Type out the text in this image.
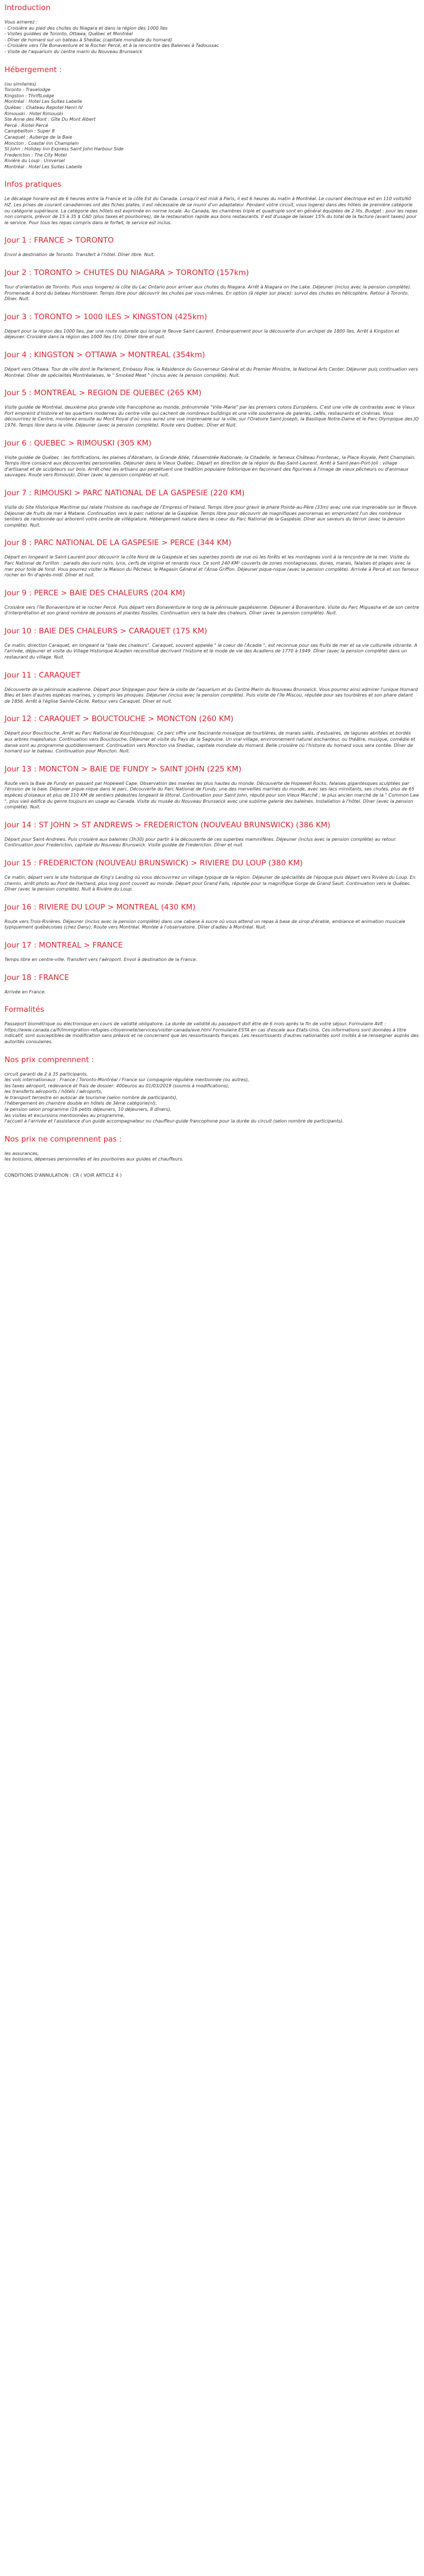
Introduction
Vous aimerez :
- Croisière au pied des chutes du Niagara et dans la région des 1000 îles
- Visites guidées de Toronto, Ottawa, Québec et Montréal
- Dîner de homard sur un bateau à Shediac (capitale mondiale du homard)
- Croisière vers l'île Bonaventure et le Rocher Percé, et à la rencontre des Baleines à Tadoussac
- Visite de l'aquarium du centre marin du Nouveau Brunswick
Hébergement :
(ou similaires)
Toronto : Travelodge
Kingston : ThriftLodge
Montréal : Hotel Les Suites Labelle
Québec : Chateau Repotel Henri IV
Rimouski : Hotel Rimouski
Ste Anne des Mont : Gîte Du Mont Albert
Percé : Riotel Percé
Campbellton : Super 8
Caraquet : Auberge de la Baie
Moncton : Coastal Inn Champlain
St John : Holiday Inn Express Saint John Harbour Side
Fredericton : The City Motel
Rivière du Loup : Universel
Montréal : Hotel Les Suites Labelle
Infos pratiques

Le décalage horaire est de 6 heures entre la France et la côte Est du Canada. Lorsqu'il est midi à Paris, il est 6 heures du matin à Montréal. Le courant électrique est en 110 volts/60 HZ. Les prises de courant canadiennes ont des fiches plates, il est nécessaire de se munir d'un adaptateur. Pendant votre circuit, vous logerez dans des hôtels de première catégorie ou catégorie supérieure. La catégorie des hôtels est exprimée en norme locale. Au Canada, les chambres triple et quadruple sont en général équipées de 2 lits. Budget : pour les repas non compris, prévoir de 15 à 35 $ CAD (plus taxes et pourboires), de la restauration rapide aux bons restaurants. Il est d'usage de laisser 15% du total de la facture (avant taxes) pour le service. Pour tous les repas compris dans le forfait, le service est inclus.

Jour 1 : FRANCE > TORONTO

Envol à destination de Toronto. Transfert à l'hôtel. Dîner libre. Nuit.

Jour 2 : TORONTO > CHUTES DU NIAGARA > TORONTO (157km)

Tour d'orientation de Toronto. Puis vous longerez la côte du Lac Ontario pour arriver aux chutes du Niagara. Arrêt à Niagara on the Lake. Déjeuner (inclus avec la pension complète). Promenade à bord du bateau Hornblower. Temps libre pour découvrir les chutes par vous-mêmes. En option (à régler sur place): survol des chutes en hélicoptère. Retour à Toronto. Dîner. Nuit.

Jour 3 : TORONTO > 1000 ILES > KINGSTON (425km)

Départ pour la région des 1000 îles, par une route naturelle qui longe le fleuve Saint-Laurent. Embarquement pour la découverte d'un archipel de 1800 îles. Arrêt à Kingston et déjeuner. Croisière dans la région des 1000 îles (1h). Dîner libre et nuit.

Jour 4 : KINGSTON > OTTAWA > MONTREAL (354km)

Départ vers Ottawa. Tour de ville dont le Parlement, Embassy Row, la Résidence du Gouverneur Général et du Premier Ministre, le National Arts Center. Déjeuner puis continuation vers Montréal. Dîner de spécialités Montréalaises, le " Smoked Meat " (inclus avec la pension complète). Nuit.

Jour 5 : MONTREAL > REGION DE QUEBEC (265 KM)

Visite guidée de Montréal, deuxième plus grande ville francophone au monde, prénommée "Ville-Marie" par les premiers colons Européens. C'est une ville de contrastes avec le Vieux Port empreint d'histoire et les quartiers modernes du centre-ville qui cachent de nombreux buildings et une ville souterraine de galeries, cafés, restaurants et cinémas. Vous découvrirez le Centre, monterez ensuite au Mont Royal d'où vous aurez une vue imprenable sur la ville, sur l'Oratoire Saint-Joseph, la Basilique Notre-Dame et le Parc Olympique des JO 1976. Temps libre dans la ville. Déjeuner (avec la pension complète). Route vers Québec. Dîner et Nuit.

Jour 6 : QUEBEC > RIMOUSKI (305 KM)

Visite guidée de Québec : les fortifications, les plaines d'Abraham, la Grande Allée, l'Assemblée Nationale, la Citadelle, le fameux Château Frontenac, la Place Royale, Petit Champlain. Temps libre consacré aux découvertes personnelles. Déjeuner dans le Vieux Québec. Départ en direction de la région du Bas-Saint-Laurent. Arrêt à Saint-Jean-Port-Joli : village d'artisanat et de sculpteurs sur bois. Arrêt chez les artisans qui perpétuent une tradition populaire folklorique en façonnant des figurines à l'image de vieux pêcheurs ou d'animaux sauvages. Route vers Rimouski. Dîner (avec la pension complète) et nuit.

Jour 7 : RIMOUSKI > PARC NATIONAL DE LA GASPESIE (220 KM)

Visite du Site Historique Maritime qui relate l'histoire du naufrage de l'Empress of Ireland. Temps libre pour gravir le phare Pointe-au-Père (33m) avec une vue imprenable sur le fleuve. Déjeuner de fruits de mer à Matane. Continuation vers le parc national de la Gaspésie. Temps libre pour découvrir de magnifiques panoramas en empruntant l'un des nombreux sentiers de randonnée qui arborent votre centre de villégiature. Hébergement nature dans le coeur du Parc National de la Gaspésie. Dîner aux saveurs du terroir (avec la pension complète). Nuit.

Jour 8 : PARC NATIONAL DE LA GASPESIE > PERCE (344 KM)

Départ en longeant le Saint-Laurent pour découvrir la côte Nord de la Gaspésie et ses superbes points de vue où les forêts et les montagnes vont à la rencontre de la mer. Visite du Parc National de Forillon : paradis des ours noirs, lynx, cerfs de virginie et renards roux. Ce sont 240 KM² couverts de zones montagneuses, dunes, marais, falaises et plages avec la mer pour toile de fond. Vous pourrez visiter la Maison du Pêcheur, le Magasin Général et l'Anse Griffon. Déjeuner pique-nique (avec la pension complète). Arrivée à Percé et son fameux rocher en fin d'après-midi. Dîner et nuit.

Jour 9 : PERCE > BAIE DES CHALEURS (204 KM)

Croisière vers l'île Bonaventure et le rocher Percé. Puis départ vers Bonaventure le long de la péninsule gaspésienne. Déjeuner à Bonaventure. Visite du Parc Miguasha et de son centre d'interprétation et son grand nombre de poissons et plantes fossiles. Continuation vers la baie des chaleurs. Dîner (avec la pension complète). Nuit.

Jour 10 : BAIE DES CHALEURS > CARAQUET (175 KM)

Ce matin, direction Caraquet, en longeant la "baie des chaleurs". Caraquet, souvent appelée " le coeur de l'Acadie ", est reconnue pour ses fruits de mer et sa vie culturelle vibrante. A l'arrivée, déjeuner et visite du Village Historique Acadien reconstitué decrivant l'histoire et le mode de vie des Acadiens de 1770 à 1949. Dîner (avec la pension complète) dans un restaurant du village. Nuit.

Jour 11 : CARAQUET

Découverte de la péninsule acadienne. Départ pour Shippagan pour faire la visite de l'aquarium et du Centre Marin du Nouveau Brunswick. Vous pourrez ainsi admirer l'unique Homard Bleu et bien d'autres espèces marines, y compris les phoques. Déjeuner (inclus avec la pension complète). Puis visite de l'île Miscou, réputée pour ses tourbières et son phare datant de 1856. Arrêt à l'église Sainte-Cécile. Retour vers Caraquet. Dîner et nuit.

Jour 12 : CARAQUET > BOUCTOUCHE > MONCTON (260 KM)

Départ pour Bouctouche. Arrêt au Parc National de Kouchibouguac. Ce parc offre une fascinante mosaïque de tourbières, de marais salés, d'estuaires, de lagunes abritées et bordés aux arbres majestueux. Continuation vers Bouctouche. Déjeuner et visite du Pays de la Sagouine. Un vrai village, environnement naturel enchanteur, ou théâtre, musique, comédie et danse sont au programme quotidiennement. Continuation vers Moncton via Shediac, capitale mondiale du Homard. Belle croisière où l'histoire du homard vous sera contée. Dîner de homard sur le bateau. Continuation pour Moncton. Nuit.

Jour 13 : MONCTON > BAIE DE FUNDY > SAINT JOHN (225 KM)

Route vers la Baie de Fundy en passant par Hopewell Cape. Observation des marées les plus hautes du monde. Découverte de Hopewell Rocks, falaises gigantesques sculptées par l'érosion de la baie. Déjeuner pique-nique dans le parc. Découverte du Parc National de Fundy, une des merveilles marines du monde, avec ses lacs miroitants, ses chutes, plus de 65 espèces d'oiseaux et plus de 110 KM de sentiers pédestres longeant le littoral. Continuation pour Saint John, réputé pour son Vieux Marché ; le plus ancien marché de la " Common Law ", plus vieil édifice du genre toujours en usage au Canada. Visite du musée du Nouveau Brunswick avec une sublime galerie des baleines. Installation à l'hôtel. Dîner (avec la pension complète). Nuit.

Jour 14 : ST JOHN > ST ANDREWS > FREDERICTON (NOUVEAU BRUNSWICK) (386 KM)

Départ pour Saint-Andrews. Puis croisière aux baleines (3h30) pour partir à la découverte de ces superbes mammifères. Déjeuner (inclus avec la pension complète) au retour. Continuation pour Fredericton, capitale du Nouveau Brunswick. Visite guidée de Fredericton. Dîner et nuit.

Jour 15 : FREDERICTON (NOUVEAU BRUNSWICK) > RIVIERE DU LOUP (380 KM)

Ce matin, départ vers le site historique de King's Landing où vous découvrirez un village typique de la région. Déjeuner de spécialités de l'époque puis départ vers Rivière du Loup. En chemin, arrêt photo au Pont de Hartland, plus long pont couvert au monde. Départ pour Grand Falls, réputée pour la magnifique Gorge de Grand Sault. Continuation vers le Québec. Dîner (avec la pension complète). Nuit à Rivière du Loup.

Jour 16 : RIVIERE DU LOUP > MONTREAL (430 KM)

Route vers Trois-Rivières. Déjeuner (inclus avec la pension complète) dans une cabane à sucre où vous attend un repas à base de sirop d'érable, ambiance et animation musicale typiquement québécoises (chez Dany). Route vers Montréal. Montée à l'observatoire. Dîner d'adieu à Montréal. Nuit.

Jour 17 : MONTREAL > FRANCE

Temps libre en centre-ville. Transfert vers l'aéroport. Envol à destination de la France.

Jour 18 : FRANCE

Arrivée en France.

Formalités

Passeport biométrique ou électronique en cours de validité obligatoire. La durée de validité du passeport doit être de 6 mois après la fin de votre séjour. Formulaire AVE : https://www.canada.ca/fr/immigration-refugies-citoyennete/services/visiter-canada/ave.html Formulaire ESTA en cas d'escale aux Etats-Unis. Ces informations sont données à titre indicatif, sont susceptibles de modification sans préavis et ne concernent que les ressortissants français. Les ressortissants d'autres nationalités sont invités à se renseigner auprès des autorités consulaires.

Nos prix comprennent :
circuit garanti de 2 à 35 participants,
les vols internationaux : France / Toronto-Montréal / France sur compagnie régulière mentionnée (ou autres),
les taxes aéroport, redevance et frais de dossier: 400euros au 01/03/2019 (soumis à modifications),
les transferts aéroports / hôtels / aéroports,
le transport terrestre en autocar de tourisme (selon nombre de participants),
l'hébergement en chambre double en hôtels de 3ème catégorie(nl),
la pension selon programme (16 petits déjeuners, 10 déjeuners, 8 dîners),
les visites et excursions mentionnées au programme,
l'accueil à l'arrivée et l'assistance d'un guide accompagnateur ou chauffeur-guide francophone pour la durée du circuit (selon nombre de participants).
Nos prix ne comprennent pas :
les assurances,
les boissons, dépenses personnelles et les pourboires aux guides et chauffeurs.
CONDITIONS D'ANNULATION : CR ( VOIR ARTICLE 4 )
